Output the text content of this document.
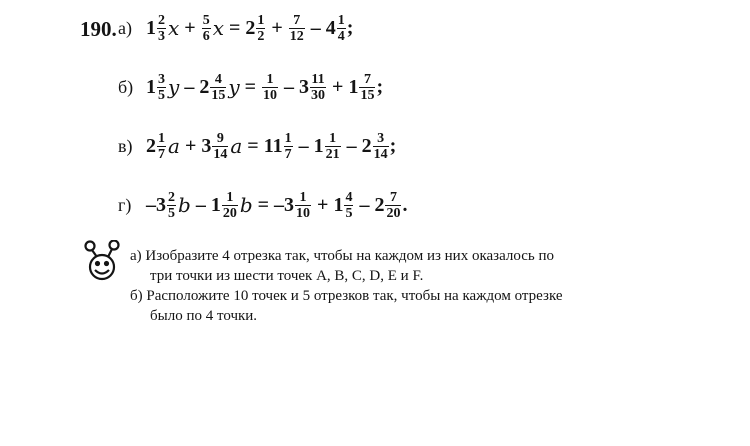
190. а) $1 \frac{2}{3}$ $x + \frac{5}{6}$ $x = 2 \frac{1}{2} + \frac{7}{12} - 4 \frac{1}{4}$ ;
б) $1 \frac{3}{5}$ y – $2 \frac{4}{15}$ $y = \frac{1}{10} - 3 \frac{11}{30} + 1 \frac{7}{15}$ ;
в) $2 \frac{1}{7}$ $a + 3 \frac{9}{14}$ $a = 11 \frac{1}{7} - 1 \frac{1}{21} - 2 \frac{3}{14}$ ;
г) $-3 \frac{2}{5}$ b – $1 \frac{1}{20}$ $b = -3 \frac{1}{10} + 1 \frac{4}{5} - 2 \frac{7}{20}$ .
а) Изобразите 4 отрезка так, чтобы на каждом из них оказалось по
три точки из шести точек A, B, C, D, E и F.
б) Расположите 10 точек и 5 отрезков так, чтобы на каждом отрезке
было по 4 точки.
